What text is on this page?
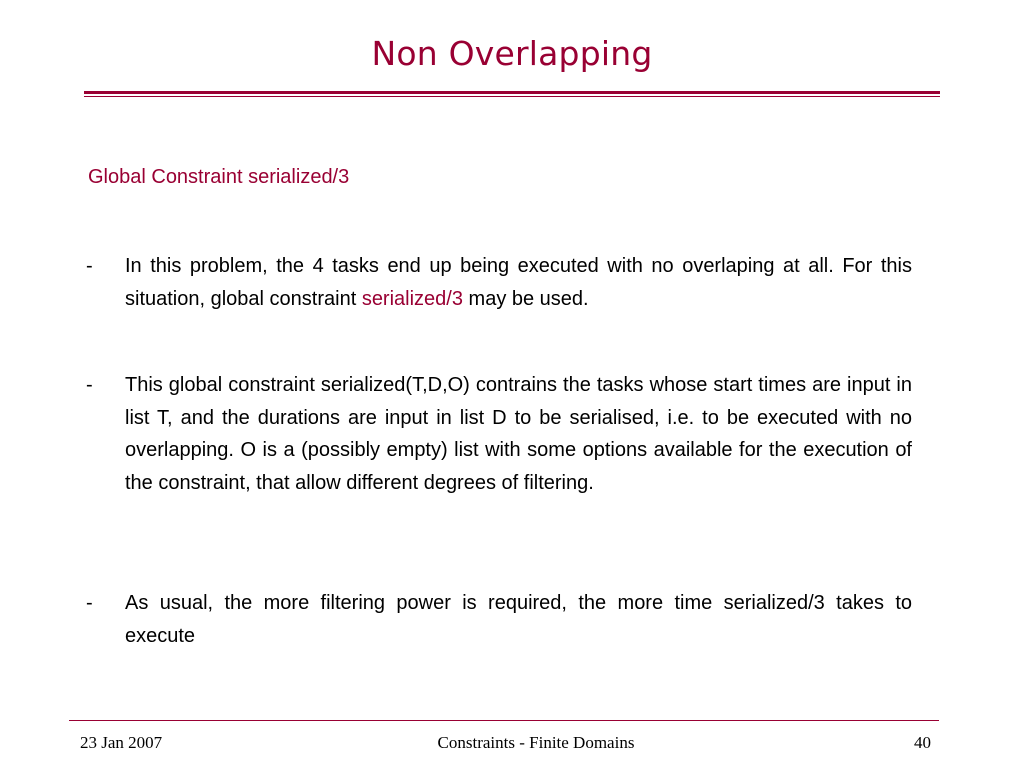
Non Overlapping
Global Constraint serialized/3
- In this problem, the 4 tasks end up being executed with no overlaping at all. For this situation, global constraint serialized/3 may be used.
- This global constraint serialized(T,D,O) contrains the tasks whose start times are input in list T, and the durations are input in list D to be serialised, i.e. to be executed with no overlapping. O is a (possibly empty) list with some options available for the execution of the constraint, that allow different degrees of filtering.
- As usual, the more filtering power is required, the more time serialized/3 takes to execute
23 Jan 2007	Constraints - Finite Domains	40
